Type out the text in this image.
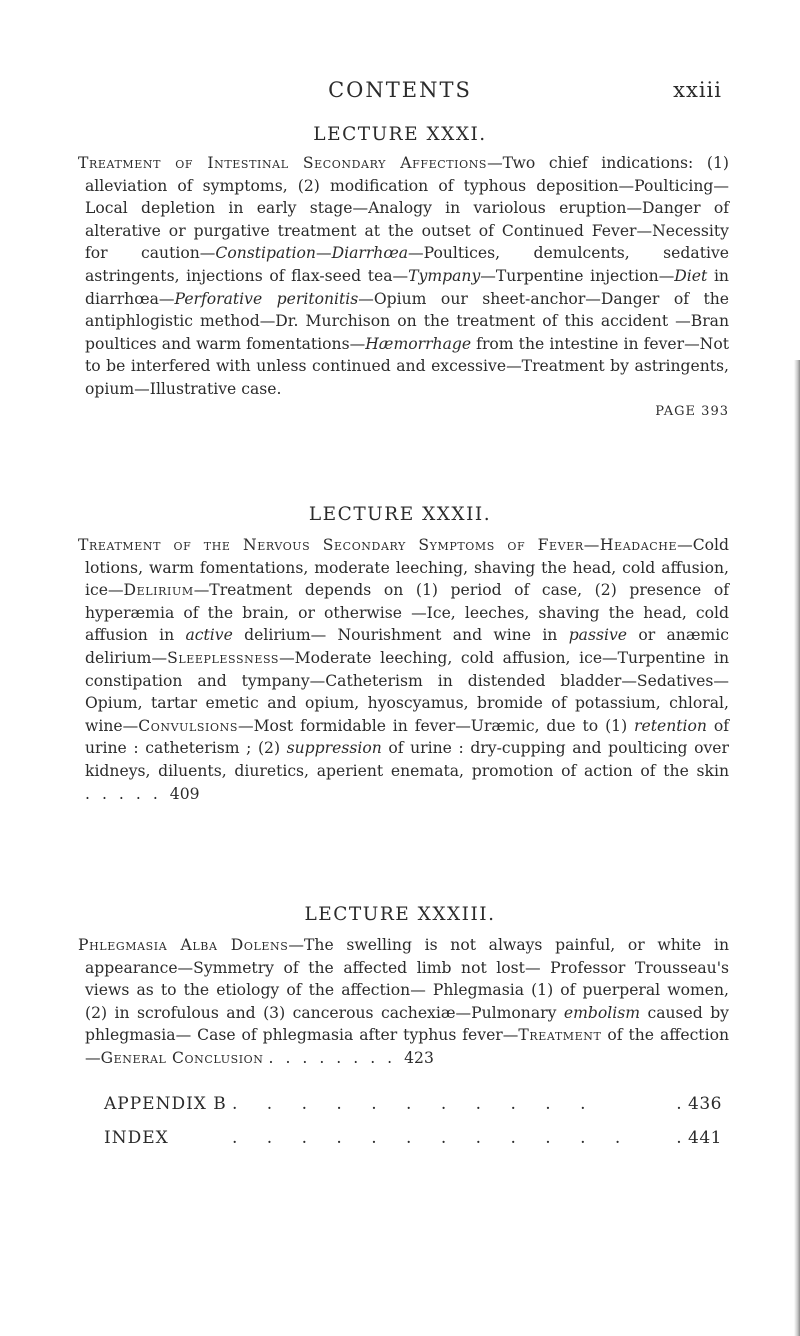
CONTENTS	xxiii
LECTURE XXXI.
Treatment of Intestinal Secondary Affections—Two chief indications: (1) alleviation of symptoms, (2) modification of typhous deposition—Poulticing—Local depletion in early stage—Analogy in variolous eruption—Danger of alterative or purgative treatment at the outset of Continued Fever—Necessity for caution—Constipation—Diarrhœa—Poultices, demulcents, sedative astringents, injections of flax-seed tea—Tympany—Turpentine injection—Diet in diarrhœa—Perforative peritonitis—Opium our sheet-anchor—Danger of the antiphlogistic method—Dr. Murchison on the treatment of this accident —Bran poultices and warm fomentations—Hæmorrhage from the intestine in fever—Not to be interfered with unless continued and excessive—Treatment by astringents, opium—Illustrative case.
PAGE 393
LECTURE XXXII.
Treatment of the Nervous Secondary Symptoms of Fever—Headache—Cold lotions, warm fomentations, moderate leeching, shaving the head, cold affusion, ice—Delirium—Treatment depends on (1) period of case, (2) presence of hyperæmia of the brain, or otherwise —Ice, leeches, shaving the head, cold affusion in active delirium— Nourishment and wine in passive or anæmic delirium—Sleeplessness—Moderate leeching, cold affusion, ice—Turpentine in constipation and tympany—Catheterism in distended bladder—Sedatives— Opium, tartar emetic and opium, hyoscyamus, bromide of potassium, chloral, wine—Convulsions—Most formidable in fever—Uræmic, due to (1) retention of urine : catheterism ; (2) suppression of urine : dry-cupping and poulticing over kidneys, diluents, diuretics, aperient enemata, promotion of action of the skin .....409
LECTURE XXXIII.
Phlegmasia Alba Dolens—The swelling is not always painful, or white in appearance—Symmetry of the affected limb not lost— Professor Trousseau's views as to the etiology of the affection— Phlegmasia (1) of puerperal women, (2) in scrofulous and (3) cancerous cachexiæ—Pulmonary embolism caused by phlegmasia— Case of phlegmasia after typhus fever—Treatment of the affection —General Conclusion ........423
APPENDIX B . . . . . . . . . . .	. 436
INDEX	. . . . . . . . . . . .	. 441
